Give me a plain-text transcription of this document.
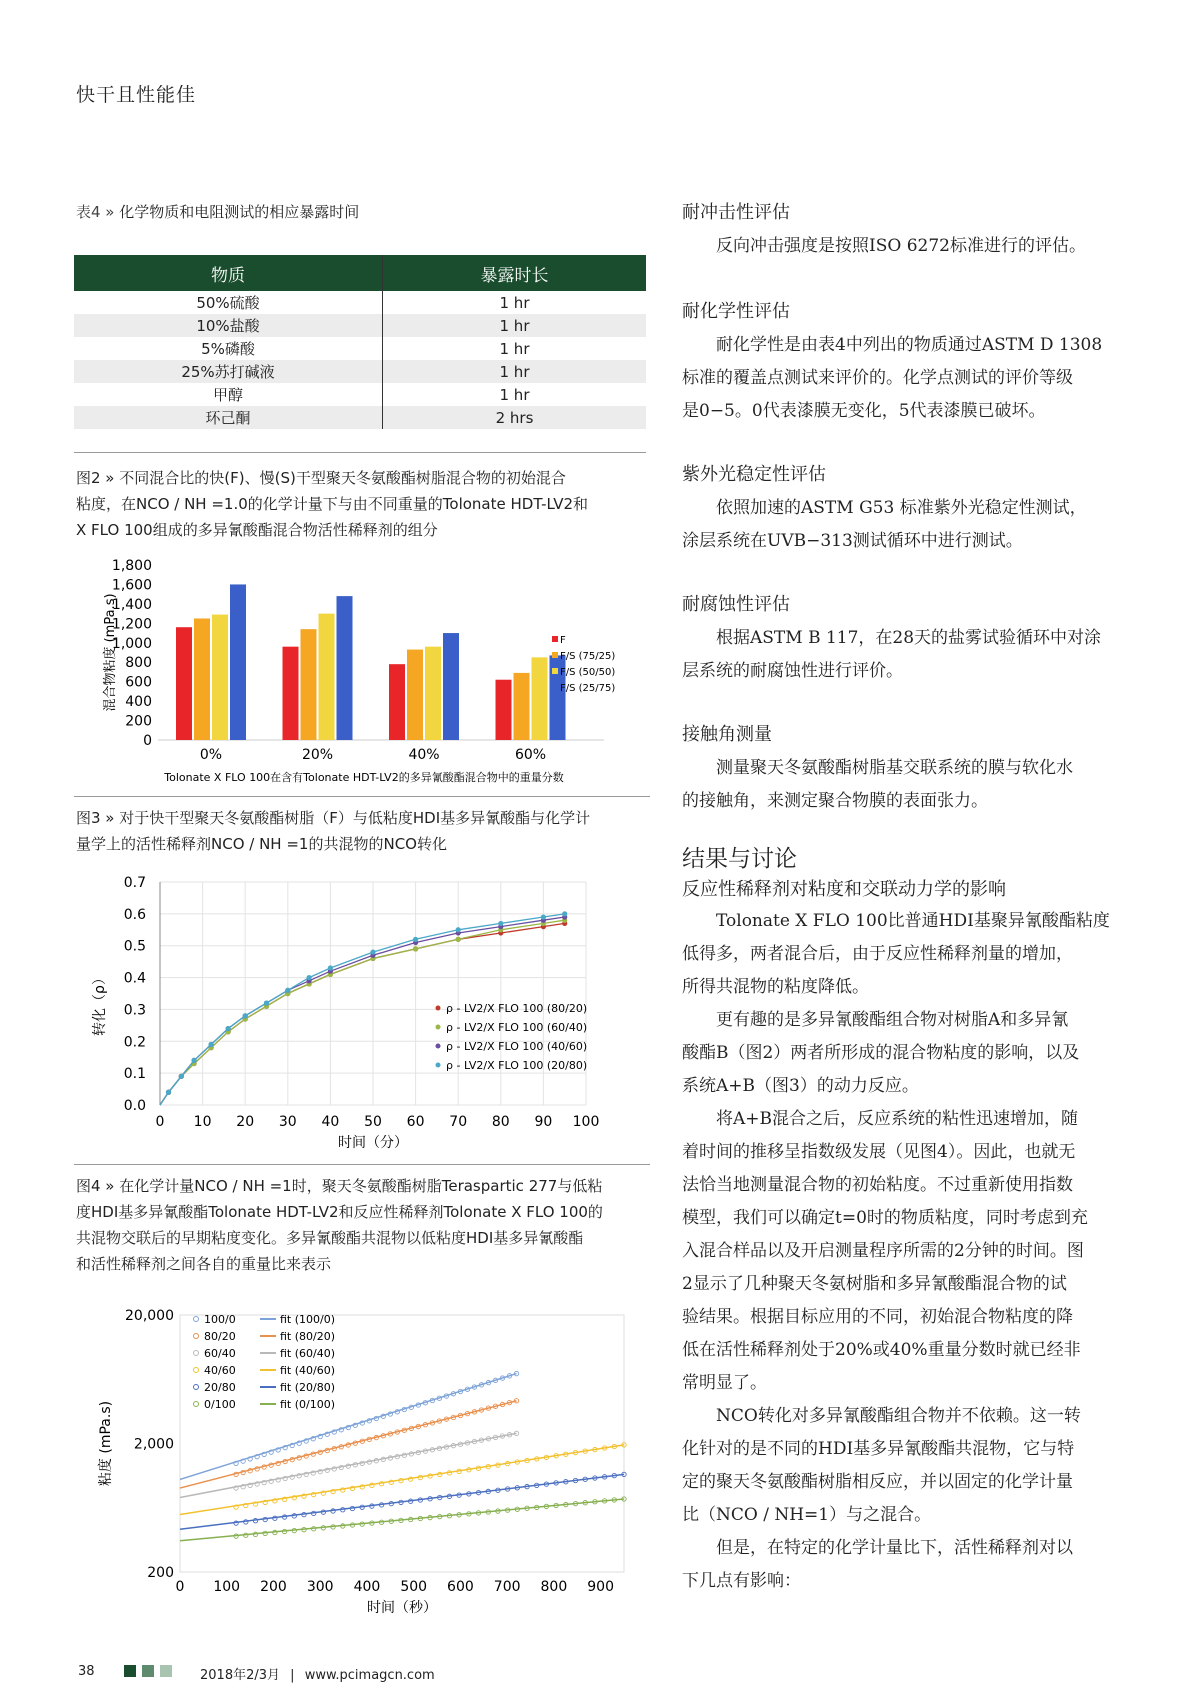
快干且性能佳
表4 » 化学物质和电阻测试的相应暴露时间
物质	暴露时长
50%硫酸	1 hr
10%盐酸	1 hr
5%磷酸	1 hr
25%苏打碱液	1 hr
甲醇	1 hr
环己酮	2 hrs
图2 » 不同混合比的快(F)、慢(S)干型聚天冬氨酸酯树脂混合物的初始混合
粘度，在NCO / NH =1.0的化学计量下与由不同重量的Tolonate HDT-LV2和
X FLO 100组成的多异氰酸酯混合物活性稀释剂的组分
0
200
400
600
800
1,000
1,200
1,400
1,600
1,800
0%	20%	40%	60%
Tolonate X FLO 100在含有Tolonate HDT-LV2的多异氰酸酯混合物中的重量分数
混合物粘度 (mPa.s)	F
F/S (75/25)
F/S (50/50)
F/S (25/75)
图3 » 对于快干型聚天冬氨酸酯树脂（F）与低粘度HDI基多异氰酸酯与化学计
量学上的活性稀释剂NCO / NH =1的共混物的NCO转化
0 10 20 30 40 50 60 70 80 90 100
0.0
0.1
0.2
0.3
0.4
0.5
0.6
0.7
时间（分）
转化（ρ）	ρ - LV2/X FLO 100 (80/20)
ρ - LV2/X FLO 100 (60/40)
ρ - LV2/X FLO 100 (40/60)
ρ - LV2/X FLO 100 (20/80)
图4 » 在化学计量NCO / NH =1时，聚天冬氨酸酯树脂Teraspartic 277与低粘
度HDI基多异氰酸酯Tolonate HDT-LV2和反应性稀释剂Tolonate X FLO 100的
共混物交联后的早期粘度变化。多异氰酸酯共混物以低粘度HDI基多异氰酸酯
和活性稀释剂之间各自的重量比来表示
200
2,000
20,000
0 100 200 300 400 500 600 700 800 900
时间（秒）
粘度 (mPa.s)
100/0	fit (100/0)
80/20	fit (80/20)
60/40	fit (60/40)
40/60	fit (40/60)
20/80	fit (20/80)
0/100	fit (0/100)
耐冲击性评估

反向冲击强度是按照ISO 6272标准进行的评估。

耐化学性评估

耐化学性是由表4中列出的物质通过ASTM D 1308

标准的覆盖点测试来评价的。化学点测试的评价等级

是0−5。0代表漆膜无变化，5代表漆膜已破坏。

紫外光稳定性评估

依照加速的ASTM G53 标准紫外光稳定性测试，

涂层系统在UVB−313测试循环中进行测试。

耐腐蚀性评估

根据ASTM B 117，在28天的盐雾试验循环中对涂

层系统的耐腐蚀性进行评价。

接触角测量

测量聚天冬氨酸酯树脂基交联系统的膜与软化水

的接触角，来测定聚合物膜的表面张力。

结果与讨论
反应性稀释剂对粘度和交联动力学的影响

Tolonate X FLO 100比普通HDI基聚异氰酸酯粘度

低得多，两者混合后，由于反应性稀释剂量的增加，

所得共混物的粘度降低。

更有趣的是多异氰酸酯组合物对树脂A和多异氰

酸酯B（图2）两者所形成的混合物粘度的影响，以及

系统A+B（图3）的动力反应。

将A+B混合之后，反应系统的粘性迅速增加，随

着时间的推移呈指数级发展（见图4）。因此，也就无

法恰当地测量混合物的初始粘度。不过重新使用指数

模型，我们可以确定t=0时的物质粘度，同时考虑到充

入混合样品以及开启测量程序所需的2分钟的时间。图

2显示了几种聚天冬氨树脂和多异氰酸酯混合物的试

验结果。根据目标应用的不同，初始混合物粘度的降

低在活性稀释剂处于20%或40%重量分数时就已经非

常明显了。

NCO转化对多异氰酸酯组合物并不依赖。这一转

化针对的是不同的HDI基多异氰酸酯共混物，它与特

定的聚天冬氨酸酯树脂相反应，并以固定的化学计量

比（NCO / NH=1）与之混合。

但是，在特定的化学计量比下，活性稀释剂对以

下几点有影响：

38	2018年2/3月 | www.pcimagcn.com
